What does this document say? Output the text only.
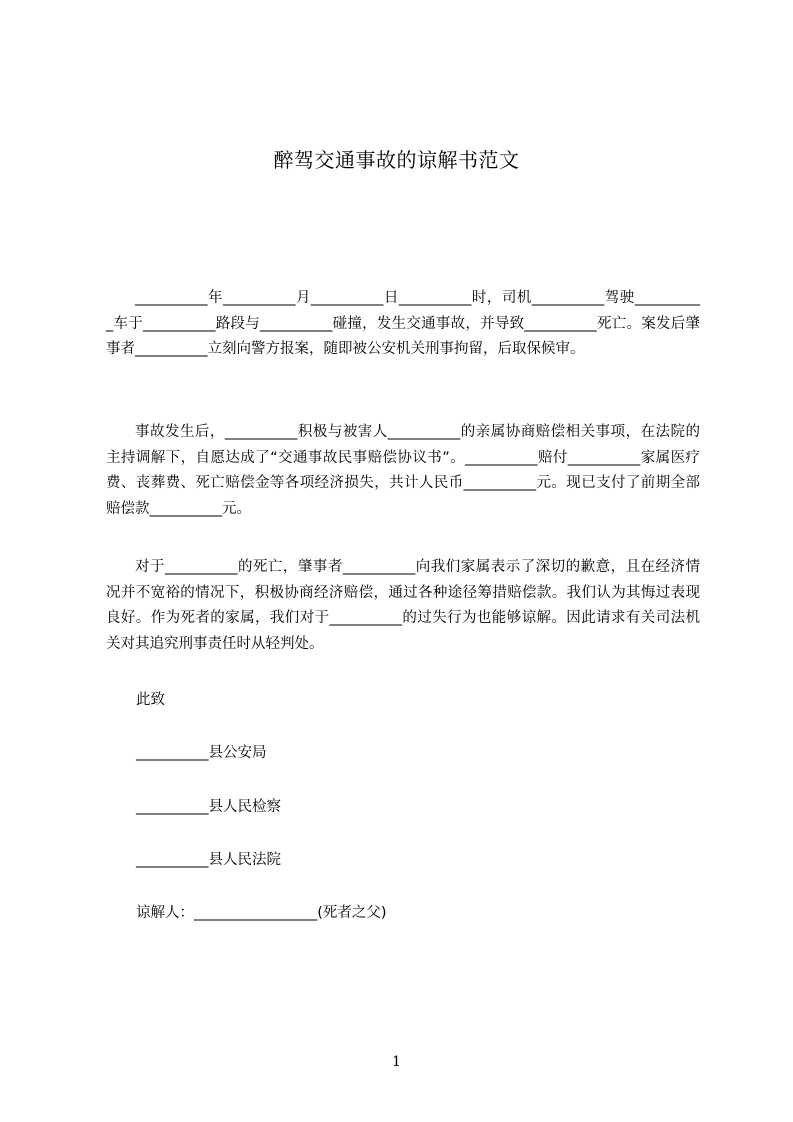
醉驾交通事故的谅解书范文

__________年__________月__________日__________时，司机__________驾驶__________车于__________路段与__________碰撞，发生交通事故，并导致__________死亡。案发后肇事者__________立刻向警方报案，随即被公安机关刑事拘留，后取保候审。

事故发生后，__________积极与被害人__________的亲属协商赔偿相关事项，在法院的主持调解下，自愿达成了“交通事故民事赔偿协议书”。__________赔付__________家属医疗费、丧葬费、死亡赔偿金等各项经济损失，共计人民币__________元。现已支付了前期全部赔偿款__________元。

对于__________的死亡，肇事者__________向我们家属表示了深切的歉意，且在经济情况并不宽裕的情况下，积极协商经济赔偿，通过各种途径筹措赔偿款。我们认为其悔过表现良好。作为死者的家属，我们对于__________的过失行为也能够谅解。因此请求有关司法机关对其追究刑事责任时从轻判处。

此致
__________县公安局
__________县人民检察
__________县人民法院
谅解人：_________________(死者之父)
1
